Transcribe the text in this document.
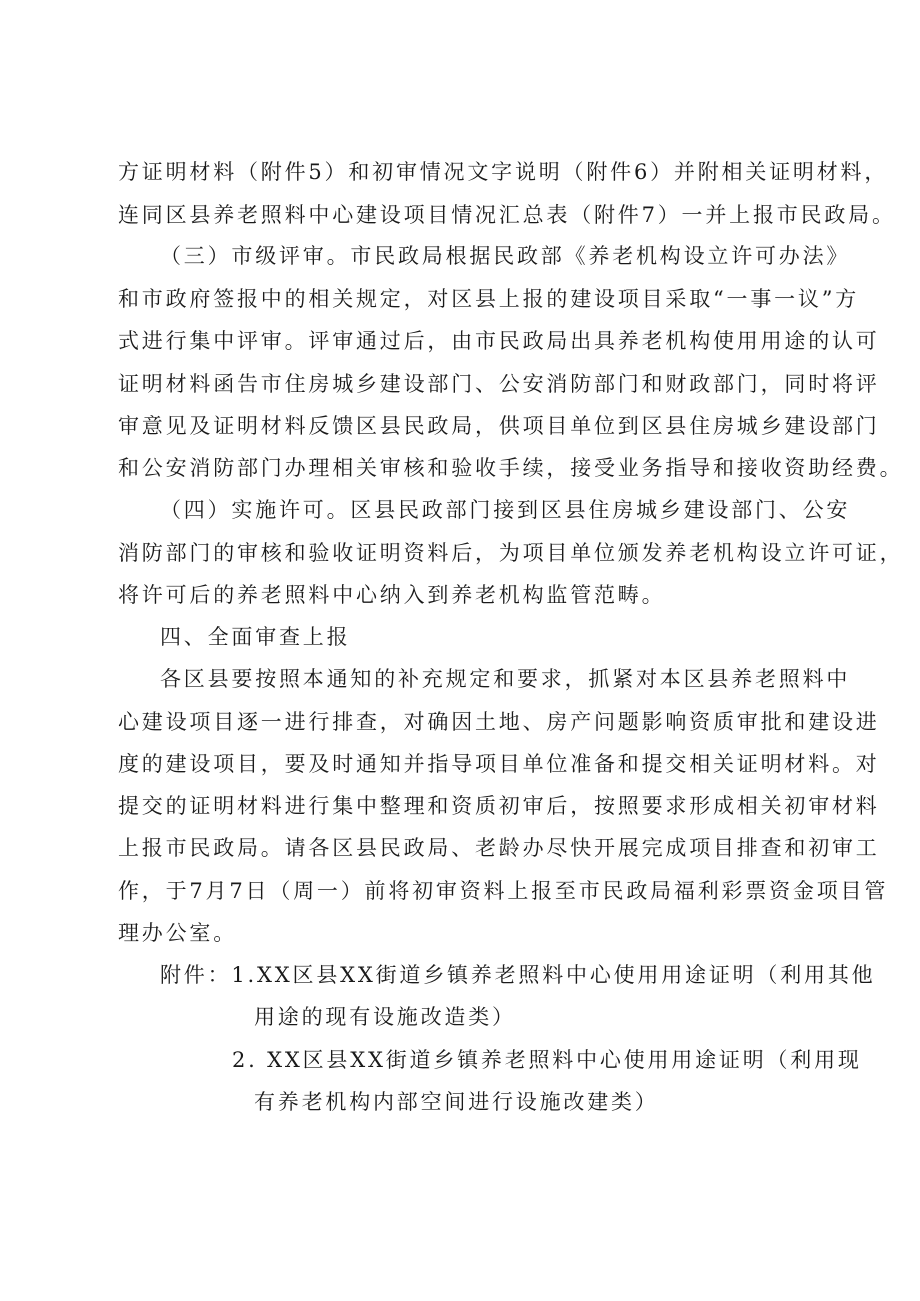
方证明材料（附件5）和初审情况文字说明（附件6）并附相关证明材料，
连同区县养老照料中心建设项目情况汇总表（附件7）一并上报市民政局。
（三）市级评审。市民政局根据民政部《养老机构设立许可办法》
和市政府签报中的相关规定，对区县上报的建设项目采取“一事一议”方
式进行集中评审。评审通过后，由市民政局出具养老机构使用用途的认可
证明材料函告市住房城乡建设部门、公安消防部门和财政部门，同时将评
审意见及证明材料反馈区县民政局，供项目单位到区县住房城乡建设部门
和公安消防部门办理相关审核和验收手续，接受业务指导和接收资助经费。
（四）实施许可。区县民政部门接到区县住房城乡建设部门、公安
消防部门的审核和验收证明资料后，为项目单位颁发养老机构设立许可证，
将许可后的养老照料中心纳入到养老机构监管范畴。
四、全面审查上报
各区县要按照本通知的补充规定和要求，抓紧对本区县养老照料中
心建设项目逐一进行排查，对确因土地、房产问题影响资质审批和建设进
度的建设项目，要及时通知并指导项目单位准备和提交相关证明材料。对
提交的证明材料进行集中整理和资质初审后，按照要求形成相关初审材料
上报市民政局。请各区县民政局、老龄办尽快开展完成项目排查和初审工
作，于7月7日（周一）前将初审资料上报至市民政局福利彩票资金项目管
理办公室。
附件：1.XX区县XX街道乡镇养老照料中心使用用途证明（利用其他
用途的现有设施改造类）
2. XX区县XX街道乡镇养老照料中心使用用途证明（利用现
有养老机构内部空间进行设施改建类）
